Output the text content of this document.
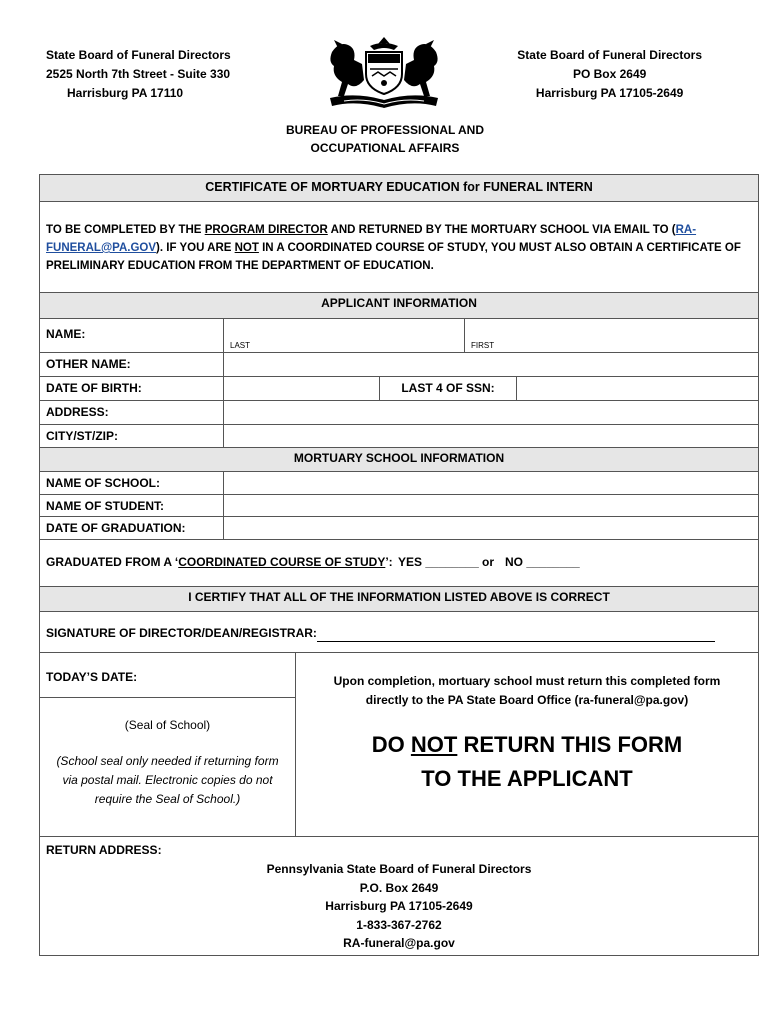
State Board of Funeral Directors
2525 North 7th Street - Suite 330
Harrisburg PA 17110
State Board of Funeral Directors
PO Box 2649
Harrisburg PA 17105-2649
BUREAU OF PROFESSIONAL AND
OCCUPATIONAL AFFAIRS
CERTIFICATE OF MORTUARY EDUCATION for FUNERAL INTERN
TO BE COMPLETED BY THE PROGRAM DIRECTOR AND RETURNED BY THE MORTUARY SCHOOL VIA EMAIL TO (RA-FUNERAL@PA.GOV). IF YOU ARE NOT IN A COORDINATED COURSE OF STUDY, YOU MUST ALSO OBTAIN A CERTIFICATE OF PRELIMINARY EDUCATION FROM THE DEPARTMENT OF EDUCATION.
APPLICANT INFORMATION
NAME:
LAST	FIRST
OTHER NAME:
DATE OF BIRTH:	LAST 4 OF SSN:
ADDRESS:
CITY/ST/ZIP:
MORTUARY SCHOOL INFORMATION
NAME OF SCHOOL:
NAME OF STUDENT:
DATE OF GRADUATION:
GRADUATED FROM A ‘COORDINATED COURSE OF STUDY’: YES ________ or NO ________
I CERTIFY THAT ALL OF THE INFORMATION LISTED ABOVE IS CORRECT
SIGNATURE OF DIRECTOR/DEAN/REGISTRAR:
TODAY’S DATE:
(Seal of School)
(School seal only needed if returning form via postal mail. Electronic copies do not require the Seal of School.)
Upon completion, mortuary school must return this completed form directly to the PA State Board Office (ra-funeral@pa.gov)
DO NOT RETURN THIS FORM
TO THE APPLICANT
RETURN ADDRESS:
Pennsylvania State Board of Funeral Directors
P.O. Box 2649
Harrisburg PA 17105-2649
1-833-367-2762
RA-funeral@pa.gov
